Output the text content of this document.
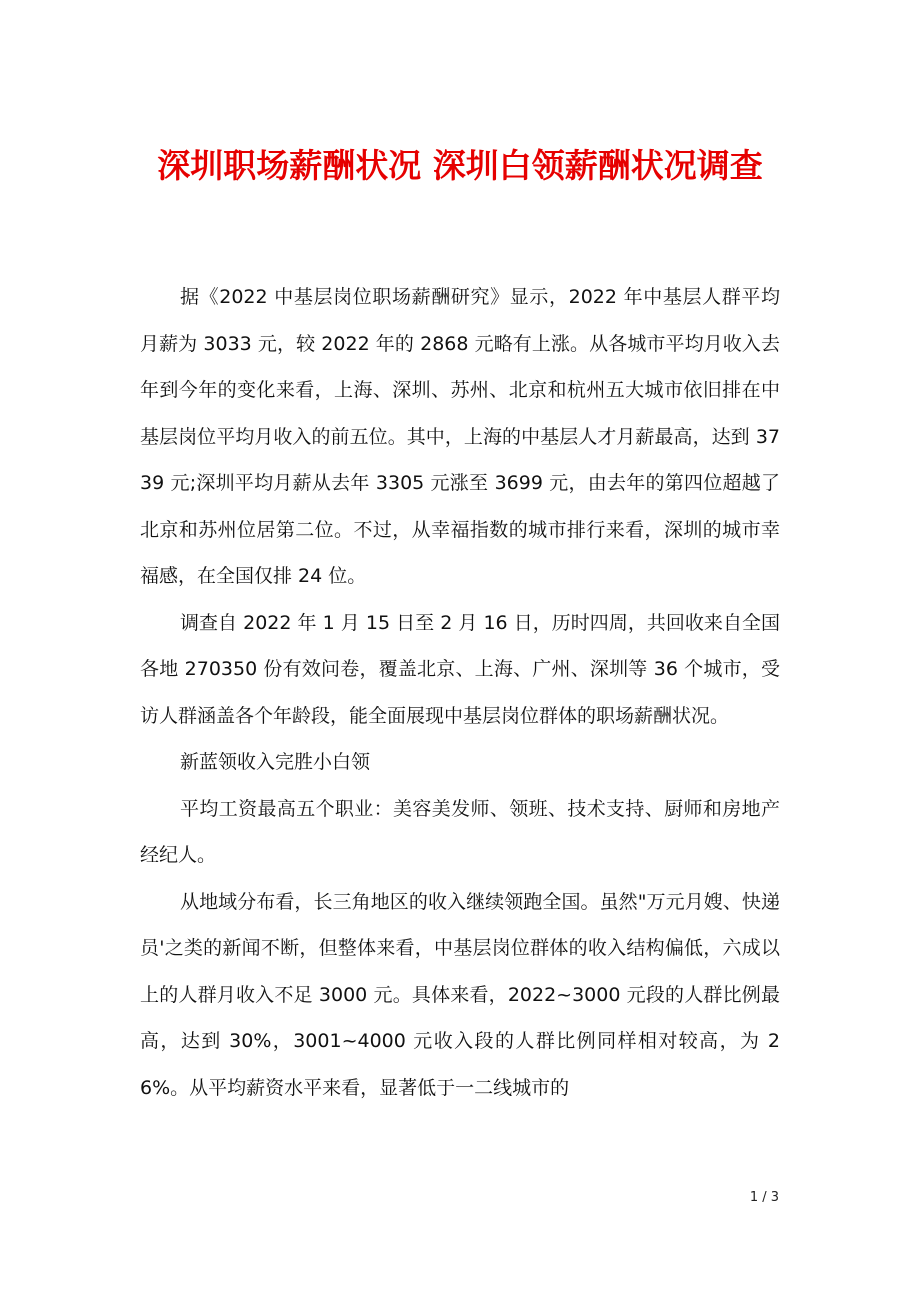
深圳职场薪酬状况 深圳白领薪酬状况调查

据《2022 中基层岗位职场薪酬研究》显示，2022 年中基层人群平均月薪为 3033 元，较 2022 年的 2868 元略有上涨。从各城市平均月收入去年到今年的变化来看，上海、深圳、苏州、北京和杭州五大城市依旧排在中基层岗位平均月收入的前五位。其中，上海的中基层人才月薪最高，达到 3739 元;深圳平均月薪从去年 3305 元涨至 3699 元，由去年的第四位超越了北京和苏州位居第二位。不过，从幸福指数的城市排行来看，深圳的城市幸福感，在全国仅排 24 位。

调查自 2022 年 1 月 15 日至 2 月 16 日，历时四周，共回收来自全国各地 270350 份有效问卷，覆盖北京、上海、广州、深圳等 36 个城市，受访人群涵盖各个年龄段，能全面展现中基层岗位群体的职场薪酬状况。

新蓝领收入完胜小白领

平均工资最高五个职业：美容美发师、领班、技术支持、厨师和房地产经纪人。

从地域分布看，长三角地区的收入继续领跑全国。虽然"万元月嫂、快递员'之类的新闻不断，但整体来看，中基层岗位群体的收入结构偏低，六成以上的人群月收入不足 3000 元。具体来看，2022~3000 元段的人群比例最高，达到 30%，3001~4000 元收入段的人群比例同样相对较高，为 26%。从平均薪资水平来看，显著低于一二线城市的

1 / 3
